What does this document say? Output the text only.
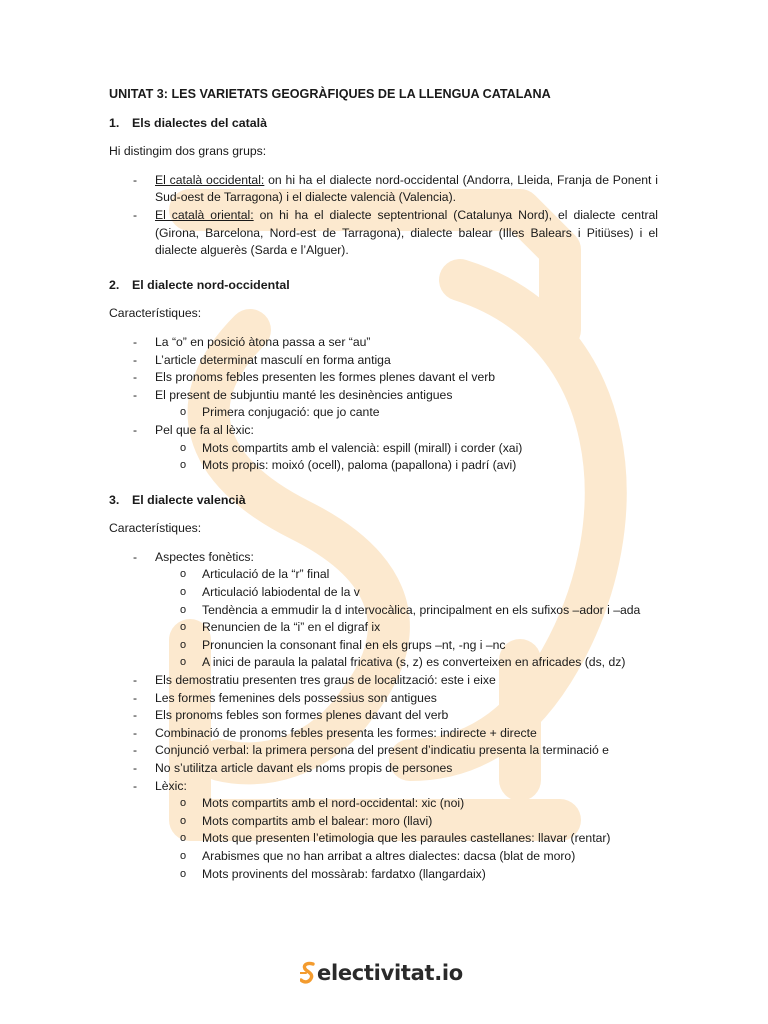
UNITAT 3: LES VARIETATS GEOGRÀFIQUES DE LA LLENGUA CATALANA
1.	Els dialectes del català

Hi distingim dos grans grups:

- El català occidental: on hi ha el dialecte nord-occidental (Andorra, Lleida, Franja de Ponent i Sud-oest de Tarragona) i el dialecte valencià (Valencia).
- El català oriental: on hi ha el dialecte septentrional (Catalunya Nord), el dialecte central (Girona, Barcelona, Nord-est de Tarragona), dialecte balear (Illes Balears i Pitiüses) i el dialecte alguerès (Sarda e l’Alguer).
2.	El dialecte nord-occidental

Característiques:

- La “o” en posició àtona passa a ser “au”
- L’article determinat masculí en forma antiga
- Els pronoms febles presenten les formes plenes davant el verb
- El present de subjuntiu manté les desinències antigues
o Primera conjugació: que jo cante
- Pel que fa al lèxic:
o Mots compartits amb el valencià: espill (mirall) i corder (xai)
o Mots propis: moixó (ocell), paloma (papallona) i padrí (avi)
3.	El dialecte valencià

Característiques:

- Aspectes fonètics:
o Articulació de la “r” final
o Articulació labiodental de la v
o Tendència a emmudir la d intervocàlica, principalment en els sufixos –ador i –ada
o Renuncien de la “i” en el digraf ix
o Pronuncien la consonant final en els grups –nt, -ng i –nc
o A inici de paraula la palatal fricativa (s, z) es converteixen en africades (ds, dz)
- Els demostratiu presenten tres graus de localització: este i eixe
- Les formes femenines dels possessius son antigues
- Els pronoms febles son formes plenes davant del verb
- Combinació de pronoms febles presenta les formes: indirecte + directe
- Conjunció verbal: la primera persona del present d’indicatiu presenta la terminació e
- No s’utilitza article davant els noms propis de persones
- Lèxic:
o Mots compartits amb el nord-occidental: xic (noi)
o Mots compartits amb el balear: moro (llavi)
o Mots que presenten l’etimologia que les paraules castellanes: llavar (rentar)
o Arabismes que no han arribat a altres dialectes: dacsa (blat de moro)
o Mots provinents del mossàrab: fardatxo (llangardaix)
electivitat.io
